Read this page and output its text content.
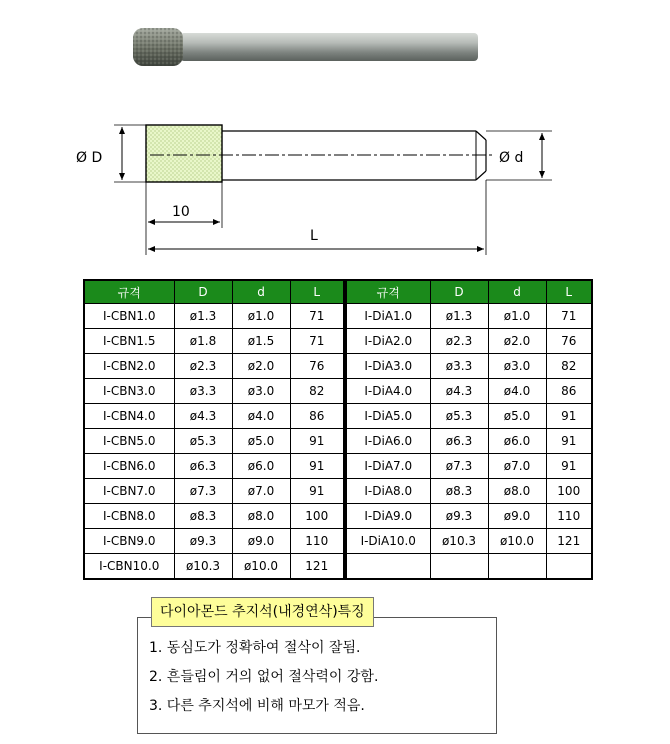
Ø D	Ø d
10
L
규격	D	d	L
I-CBN1.0	ø1.3	ø1.0	71
I-CBN1.5	ø1.8	ø1.5	71
I-CBN2.0	ø2.3	ø2.0	76
I-CBN3.0	ø3.3	ø3.0	82
I-CBN4.0	ø4.3	ø4.0	86
I-CBN5.0	ø5.3	ø5.0	91
I-CBN6.0	ø6.3	ø6.0	91
I-CBN7.0	ø7.3	ø7.0	91
I-CBN8.0	ø8.3	ø8.0	100
I-CBN9.0	ø9.3	ø9.0	110
I-CBN10.0	ø10.3	ø10.0	121
규격	D	d	L
I-DiA1.0	ø1.3	ø1.0	71
I-DiA2.0	ø2.3	ø2.0	76
I-DiA3.0	ø3.3	ø3.0	82
I-DiA4.0	ø4.3	ø4.0	86
I-DiA5.0	ø5.3	ø5.0	91
I-DiA6.0	ø6.3	ø6.0	91
I-DiA7.0	ø7.3	ø7.0	91
I-DiA8.0	ø8.3	ø8.0	100
I-DiA9.0	ø9.3	ø9.0	110
I-DiA10.0	ø10.3	ø10.0	121

1. 동심도가 정확하여 절삭이 잘됨.
2. 흔들림이 거의 없어 절삭력이 강함.
3. 다른 추지석에 비해 마모가 적음.
다이아몬드 추지석(내경연삭)특징
